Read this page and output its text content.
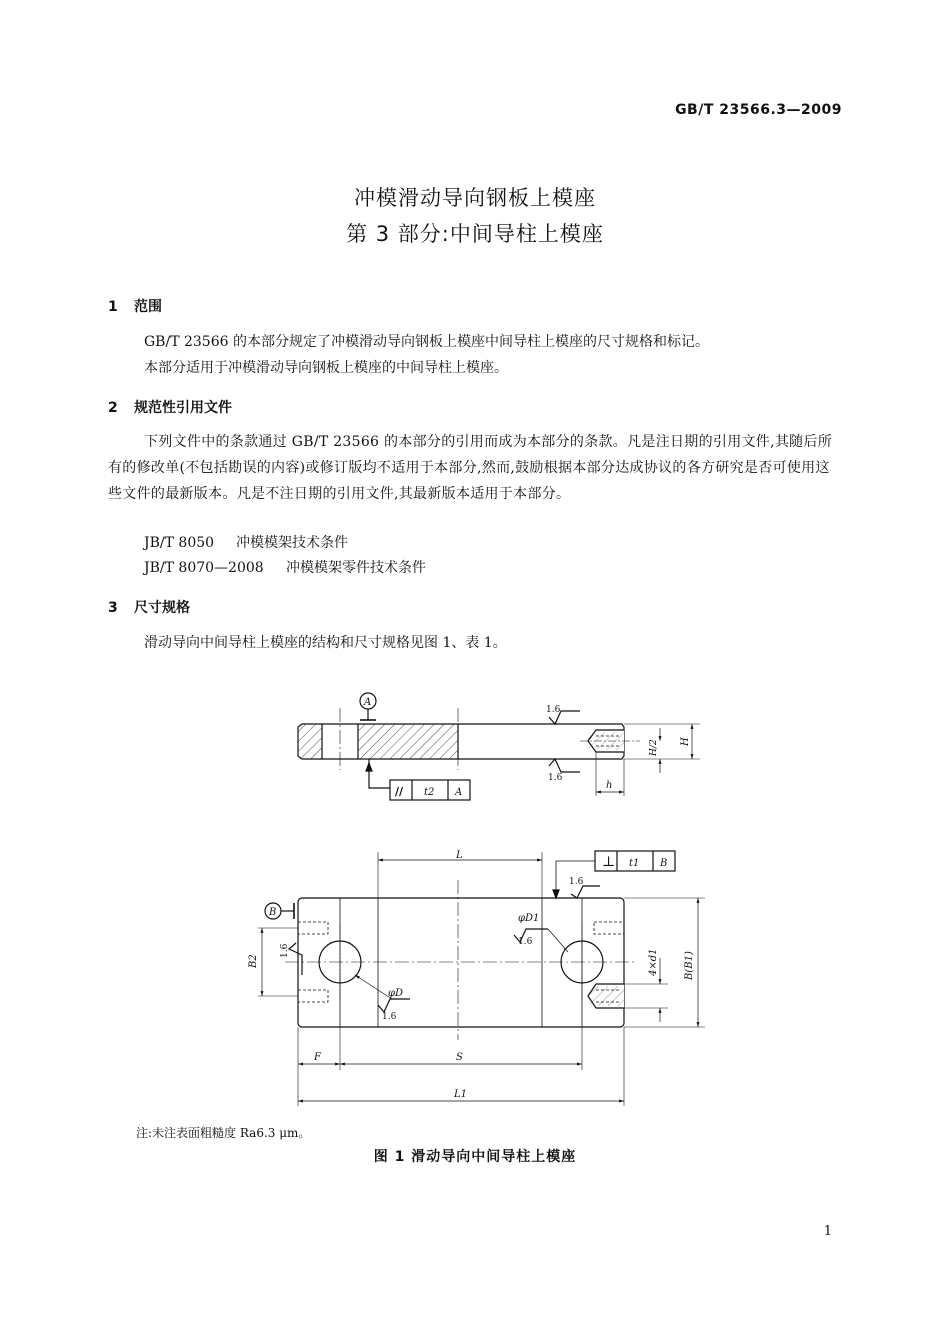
GB/T 23566.3—2009
冲模滑动导向钢板上模座
第 3 部分:中间导柱上模座
1 范围
GB/T 23566 的本部分规定了冲模滑动导向钢板上模座中间导柱上模座的尺寸规格和标记。
本部分适用于冲模滑动导向钢板上模座的中间导柱上模座。
2 规范性引用文件
下列文件中的条款通过 GB/T 23566 的本部分的引用而成为本部分的条款。凡是注日期的引用文件,其随后所有的修改单(不包括勘误的内容)或修订版均不适用于本部分,然而,鼓励根据本部分达成协议的各方研究是否可使用这些文件的最新版本。凡是不注日期的引用文件,其最新版本适用于本部分。
JB/T 8050 冲模模架技术条件
JB/T 8070—2008 冲模模架零件技术条件
3 尺寸规格
滑动导向中间导柱上模座的结构和尺寸规格见图 1、表 1。
A
1.6
1.6
// t2 A
H
H/2
h
L	⊥ t1 B
1.6
B
1.6
φD1
1.6
φD
1.6
B2	B(B1)
4×d1
F	S
L1
注:未注表面粗糙度 Ra6.3 μm。
图 1 滑动导向中间导柱上模座
1
